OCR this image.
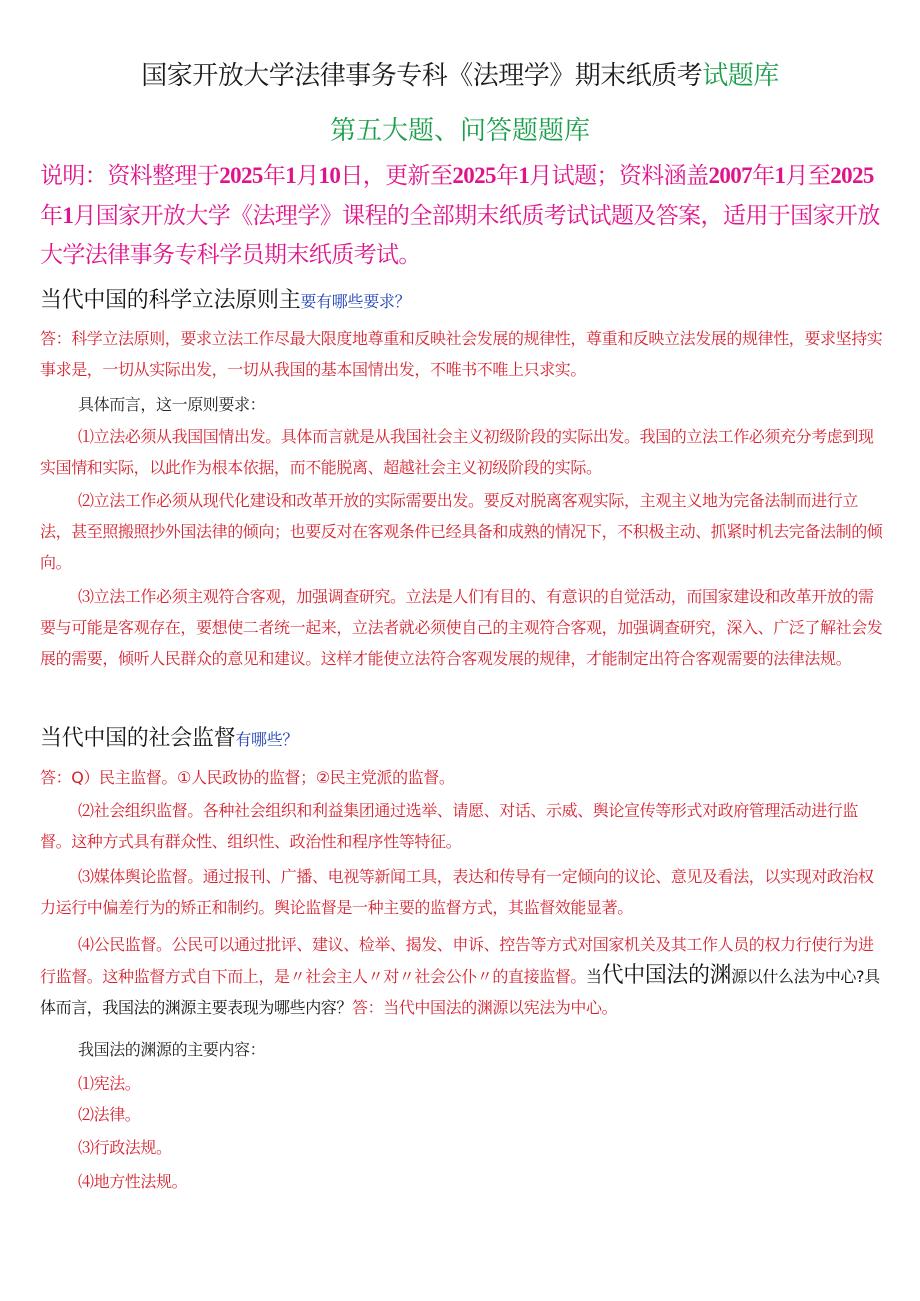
国家开放大学法律事务专科《法理学》期末纸质考试题库
第五大题、问答题题库
说明：资料整理于2025年1月10日，更新至2025年1月试题；资料涵盖2007年1月至2025年1月国家开放大学《法理学》课程的全部期末纸质考试试题及答案，适用于国家开放大学法律事务专科学员期末纸质考试。
当代中国的科学立法原则主要有哪些要求？
答：科学立法原则，要求立法工作尽最大限度地尊重和反映社会发展的规律性，尊重和反映立法发展的规律性，要求坚持实事求是，一切从实际出发，一切从我国的基本国情出发，不唯书不唯上只求实。
具体而言，这一原则要求：
⑴立法必须从我国国情出发。具体而言就是从我国社会主义初级阶段的实际出发。我国的立法工作必须充分考虑到现实国情和实际，以此作为根本依据，而不能脱离、超越社会主义初级阶段的实际。
⑵立法工作必须从现代化建设和改革开放的实际需要出发。要反对脱离客观实际，主观主义地为完备法制而进行立法，甚至照搬照抄外国法律的倾向；也要反对在客观条件已经具备和成熟的情况下，不积极主动、抓紧时机去完备法制的倾向。
⑶立法工作必须主观符合客观，加强调查研究。立法是人们有目的、有意识的自觉活动，而国家建设和改革开放的需要与可能是客观存在，要想使二者统一起来，立法者就必须使自己的主观符合客观，加强调查研究，深入、广泛了解社会发展的需要，倾听人民群众的意见和建议。这样才能使立法符合客观发展的规律，才能制定出符合客观需要的法律法规。
当代中国的社会监督有哪些？
答：Q）民主监督。①人民政协的监督；②民主党派的监督。
⑵社会组织监督。各种社会组织和利益集团通过选举、请愿、对话、示威、舆论宣传等形式对政府管理活动进行监督。这种方式具有群众性、组织性、政治性和程序性等特征。
⑶媒体舆论监督。通过报刊、广播、电视等新闻工具，表达和传导有一定倾向的议论、意见及看法，以实现对政治权力运行中偏差行为的矫正和制约。舆论监督是一种主要的监督方式，其监督效能显著。
⑷公民监督。公民可以通过批评、建议、检举、揭发、申诉、控告等方式对国家机关及其工作人员的权力行使行为进行监督。这种监督方式自下而上，是〃社会主人〃对〃社会公仆〃的直接监督。当代中国法的渊源以什么法为中心?具体而言，我国法的渊源主要表现为哪些内容？答：当代中国法的渊源以宪法为中心。
我国法的渊源的主要内容：
⑴宪法。
⑵法律。
⑶行政法规。
⑷地方性法规。
